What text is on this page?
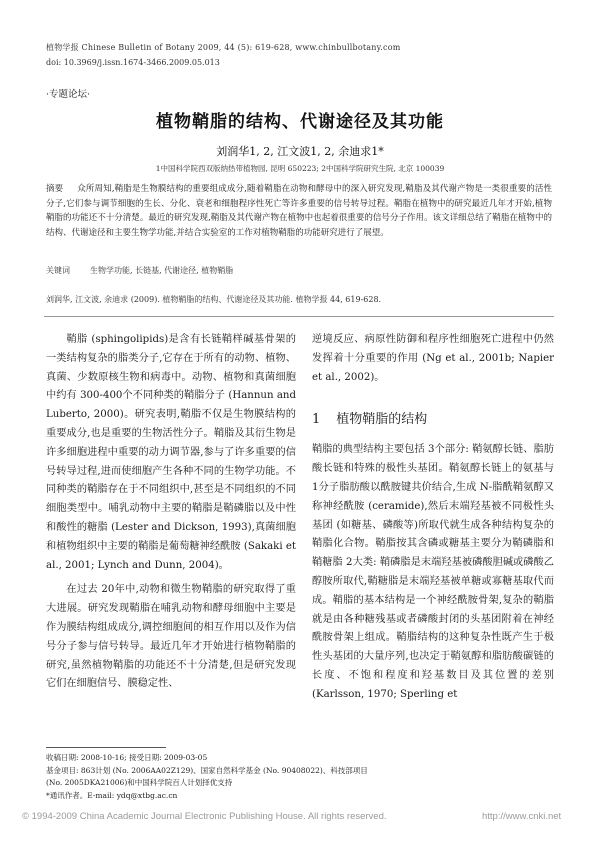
植物学报 Chinese Bulletin of Botany 2009, 44 (5): 619-628, www.chinbullbotany.com
doi: 10.3969/j.issn.1674-3466.2009.05.013
·专题论坛·
植物鞘脂的结构、代谢途径及其功能
刘润华1, 2, 江文波1, 2, 余迪求1*
1中国科学院西双版纳热带植物园, 昆明 650223; 2中国科学院研究生院, 北京 100039
摘要 众所周知,鞘脂是生物膜结构的重要组成成分,随着鞘脂在动物和酵母中的深入研究发现,鞘脂及其代谢产物是一类很重要的活性分子,它们参与调节细胞的生长、分化、衰老和细胞程序性死亡等许多重要的信号转导过程。鞘脂在植物中的研究最近几年才开始,植物鞘脂的功能还不十分清楚。最近的研究发现,鞘脂及其代谢产物在植物中也起着很重要的信号分子作用。该文详细总结了鞘脂在植物中的结构、代谢途径和主要生物学功能,并结合实验室的工作对植物鞘脂的功能研究进行了展望。
关键词	生物学功能, 长链基, 代谢途径, 植物鞘脂
刘润华, 江文波, 余迪求 (2009). 植物鞘脂的结构、代谢途径及其功能. 植物学报 44, 619-628.

鞘脂 (sphingolipids)是含有长链鞘样碱基骨架的一类结构复杂的脂类分子,它存在于所有的动物、植物、真菌、少数原核生物和病毒中。动物、植物和真菌细胞中约有 300-400个不同种类的鞘脂分子 (Hannun and Luberto, 2000)。研究表明,鞘脂不仅是生物膜结构的重要成分,也是重要的生物活性分子。鞘脂及其衍生物是许多细胞进程中重要的动力调节器,参与了许多重要的信号转导过程,进而使细胞产生各种不同的生物学功能。不同种类的鞘脂存在于不同组织中,甚至是不同组织的不同细胞类型中。哺乳动物中主要的鞘脂是鞘磷脂以及中性和酸性的糖脂 (Lester and Dickson, 1993),真菌细胞和植物组织中主要的鞘脂是葡萄糖神经酰胺 (Sakaki et al., 2001; Lynch and Dunn, 2004)。

在过去 20年中,动物和微生物鞘脂的研究取得了重大进展。研究发现鞘脂在哺乳动物和酵母细胞中主要是作为膜结构组成成分,调控细胞间的相互作用以及作为信号分子参与信号转导。最近几年才开始进行植物鞘脂的研究,虽然植物鞘脂的功能还不十分清楚,但是研究发现它们在细胞信号、膜稳定性、

逆境反应、病原性防御和程序性细胞死亡进程中仍然发挥着十分重要的作用 (Ng et al., 2001b; Napier et al., 2002)。

1 植物鞘脂的结构

鞘脂的典型结构主要包括 3个部分: 鞘氨醇长链、脂肪酸长链和特殊的极性头基团。鞘氨醇长链上的氨基与 1分子脂肪酸以酰胺键共价结合,生成 N-脂酰鞘氨醇又称神经酰胺 (ceramide),然后末端羟基被不同极性头基团 (如糖基、磷酸等)所取代就生成各种结构复杂的鞘脂化合物。鞘脂按其含磷或糖基主要分为鞘磷脂和鞘糖脂 2大类: 鞘磷脂是末端羟基被磷酸胆碱或磷酸乙醇胺所取代,鞘糖脂是末端羟基被单糖或寡糖基取代而成。鞘脂的基本结构是一个神经酰胺骨架,复杂的鞘脂就是由各种糖残基或者磷酸封闭的头基团附着在神经酰胺骨架上组成。鞘脂结构的这种复杂性既产生于极性头基团的大量序列,也决定于鞘氨醇和脂肪酸碳链的长度、不饱和程度和羟基数目及其位置的差别 (Karlsson, 1970; Sperling et

收稿日期: 2008-10-16; 接受日期: 2009-03-05
基金项目: 863计划 (No. 2006AA02Z129)、国家自然科学基金 (No. 90408022)、科技部项目 (No. 2005DKA21006)和中国科学院百人计划择优支持
*通讯作者。E-mail: ydq@xtbg.ac.cn
© 1994-2009 China Academic Journal Electronic Publishing House. All rights reserved.	http://www.cnki.net
